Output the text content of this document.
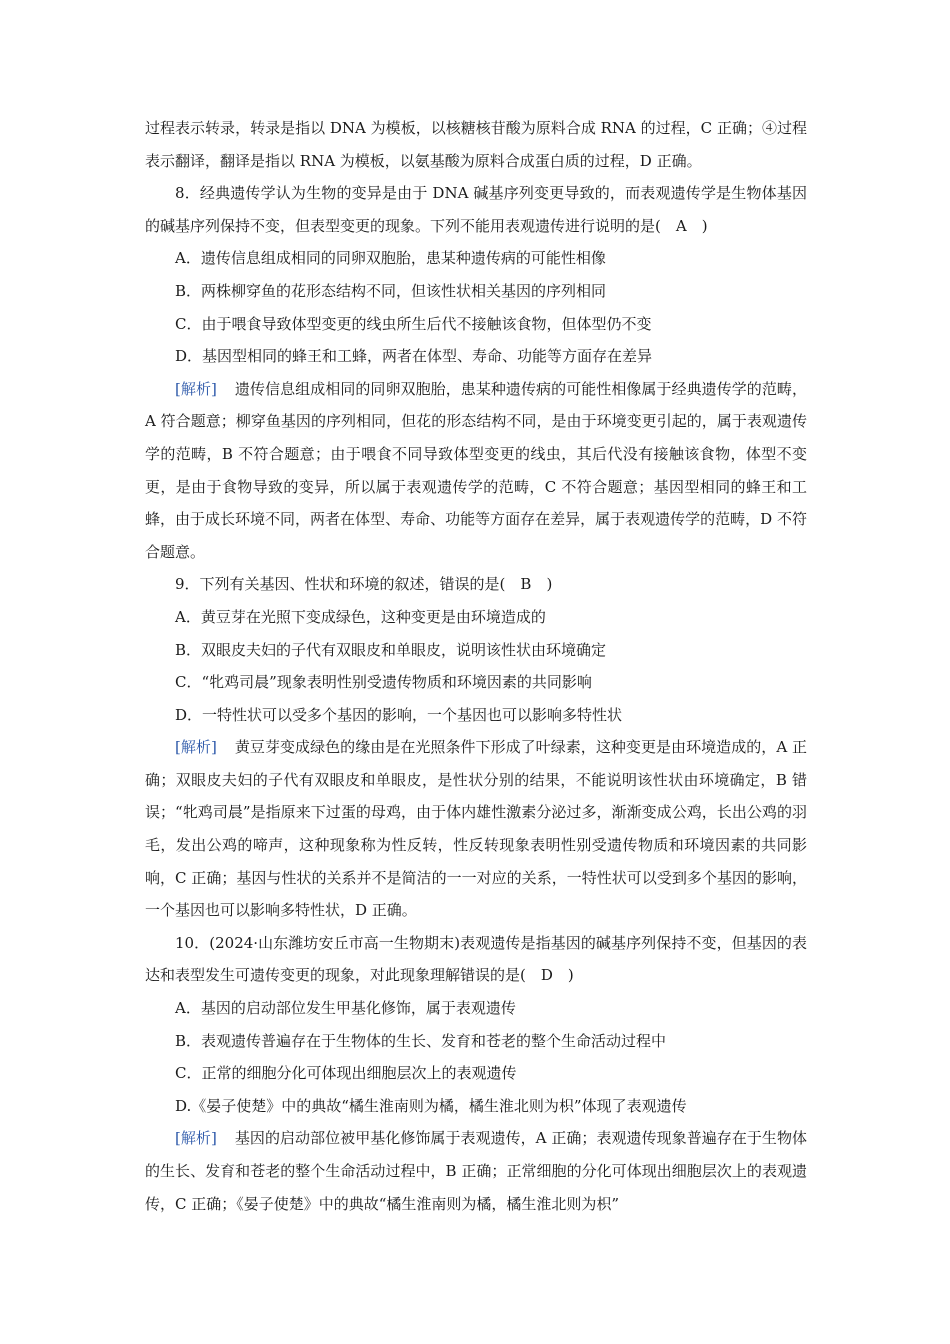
过程表示转录，转录是指以 DNA 为模板，以核糖核苷酸为原料合成 RNA 的过程，C 正确；④过程表示翻译，翻译是指以 RNA 为模板，以氨基酸为原料合成蛋白质的过程，D 正确。

8．经典遗传学认为生物的变异是由于 DNA 碱基序列变更导致的，而表观遗传学是生物体基因的碱基序列保持不变，但表型变更的现象。下列不能用表观遗传进行说明的是(　A　)

A．遗传信息组成相同的同卵双胞胎，患某种遗传病的可能性相像

B．两株柳穿鱼的花形态结构不同，但该性状相关基因的序列相同

C．由于喂食导致体型变更的线虫所生后代不接触该食物，但体型仍不变

D．基因型相同的蜂王和工蜂，两者在体型、寿命、功能等方面存在差异

[解析] 遗传信息组成相同的同卵双胞胎，患某种遗传病的可能性相像属于经典遗传学的范畴，A 符合题意；柳穿鱼基因的序列相同，但花的形态结构不同，是由于环境变更引起的，属于表观遗传学的范畴，B 不符合题意；由于喂食不同导致体型变更的线虫，其后代没有接触该食物，体型不变更，是由于食物导致的变异，所以属于表观遗传学的范畴，C 不符合题意；基因型相同的蜂王和工蜂，由于成长环境不同，两者在体型、寿命、功能等方面存在差异，属于表观遗传学的范畴，D 不符合题意。

9．下列有关基因、性状和环境的叙述，错误的是(　B　)

A．黄豆芽在光照下变成绿色，这种变更是由环境造成的

B．双眼皮夫妇的子代有双眼皮和单眼皮，说明该性状由环境确定

C．“牝鸡司晨”现象表明性别受遗传物质和环境因素的共同影响

D．一特性状可以受多个基因的影响，一个基因也可以影响多特性状

[解析] 黄豆芽变成绿色的缘由是在光照条件下形成了叶绿素，这种变更是由环境造成的，A 正确；双眼皮夫妇的子代有双眼皮和单眼皮，是性状分别的结果，不能说明该性状由环境确定，B 错误；“牝鸡司晨”是指原来下过蛋的母鸡，由于体内雄性激素分泌过多，渐渐变成公鸡，长出公鸡的羽毛，发出公鸡的啼声，这种现象称为性反转，性反转现象表明性别受遗传物质和环境因素的共同影响，C 正确；基因与性状的关系并不是简洁的一一对应的关系，一特性状可以受到多个基因的影响，一个基因也可以影响多特性状，D 正确。

10．(2024·山东潍坊安丘市高一生物期末)表观遗传是指基因的碱基序列保持不变，但基因的表达和表型发生可遗传变更的现象，对此现象理解错误的是(　D　)

A．基因的启动部位发生甲基化修饰，属于表观遗传

B．表观遗传普遍存在于生物体的生长、发育和苍老的整个生命活动过程中

C．正常的细胞分化可体现出细胞层次上的表观遗传

D.《晏子使楚》中的典故“橘生淮南则为橘，橘生淮北则为枳”体现了表观遗传

[解析] 基因的启动部位被甲基化修饰属于表观遗传，A 正确；表观遗传现象普遍存在于生物体的生长、发育和苍老的整个生命活动过程中，B 正确；正常细胞的分化可体现出细胞层次上的表观遗传，C 正确；《晏子使楚》中的典故“橘生淮南则为橘，橘生淮北则为枳”
